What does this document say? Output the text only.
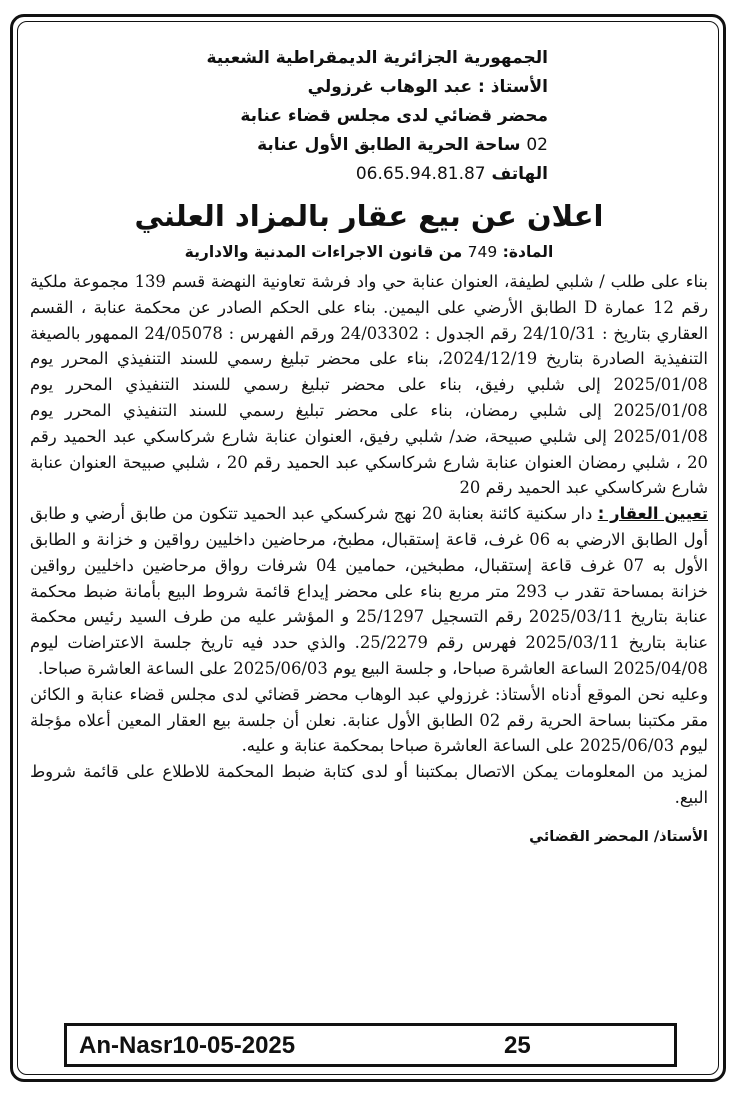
الجمهورية الجزائرية الديمقراطية الشعبية
الأستاذ : عبد الوهاب غرزولي
محضر قضائي لدى مجلس قضاء عنابة
02 ساحة الحرية الطابق الأول عنابة
الهاتف 06.65.94.81.87
اعلان عن بيع عقار بالمزاد العلني
المادة: 749 من قانون الاجراءات المدنية والادارية

بناء على طلب / شلبي لطيفة، العنوان عنابة حي واد فرشة تعاونية النهضة قسم 139 مجموعة ملكية رقم 12 عمارة D الطابق الأرضي على اليمين. بناء على الحكم الصادر عن محكمة عنابة ، القسم العقاري بتاريخ : 24/10/31 رقم الجدول : 24/03302 ورقم الفهرس : 24/05078 الممهور بالصيغة التنفيذية الصادرة بتاريخ 2024/12/19، بناء على محضر تبليغ رسمي للسند التنفيذي المحرر يوم 2025/01/08 إلى شلبي رفيق، بناء على محضر تبليغ رسمي للسند التنفيذي المحرر يوم 2025/01/08 إلى شلبي رمضان، بناء على محضر تبليغ رسمي للسند التنفيذي المحرر يوم 2025/01/08 إلى شلبي صبيحة، ضد/ شلبي رفيق، العنوان عنابة شارع شركاسكي عبد الحميد رقم 20 ، شلبي رمضان العنوان عنابة شارع شركاسكي عبد الحميد رقم 20 ، شلبي صبيحة العنوان عنابة شارع شركاسكي عبد الحميد رقم 20

تعيين العقار : دار سكنية كائنة بعنابة 20 نهج شركسكي عبد الحميد تتكون من طابق أرضي و طابق أول الطابق الارضي به 06 غرف، قاعة إستقبال، مطبخ، مرحاضين داخليين رواقين و خزانة و الطابق الأول به 07 غرف قاعة إستقبال، مطبخين، حمامين 04 شرفات رواق مرحاضين داخليين رواقين خزانة بمساحة تقدر ب 293 متر مربع بناء على محضر إيداع قائمة شروط البيع بأمانة ضبط محكمة عنابة بتاريخ 2025/03/11 رقم التسجيل 25/1297 و المؤشر عليه من طرف السيد رئيس محكمة عنابة بتاريخ 2025/03/11 فهرس رقم 25/2279. والذي حدد فيه تاريخ جلسة الاعتراضات ليوم 2025/04/08 الساعة العاشرة صباحا، و جلسة البيع يوم 2025/06/03 على الساعة العاشرة صباحا.

وعليه نحن الموقع أدناه الأستاذ: غرزولي عبد الوهاب محضر قضائي لدى مجلس قضاء عنابة و الكائن مقر مكتبنا بساحة الحرية رقم 02 الطابق الأول عنابة. نعلن أن جلسة بيع العقار المعين أعلاه مؤجلة ليوم 2025/06/03 على الساعة العاشرة صباحا بمحكمة عنابة و عليه.

لمزيد من المعلومات يمكن الاتصال بمكتبنا أو لدى كتابة ضبط المحكمة للاطلاع على قائمة شروط البيع.

الأستاذ/ المحضر القضائي
An-Nasr10-05-2025	25
